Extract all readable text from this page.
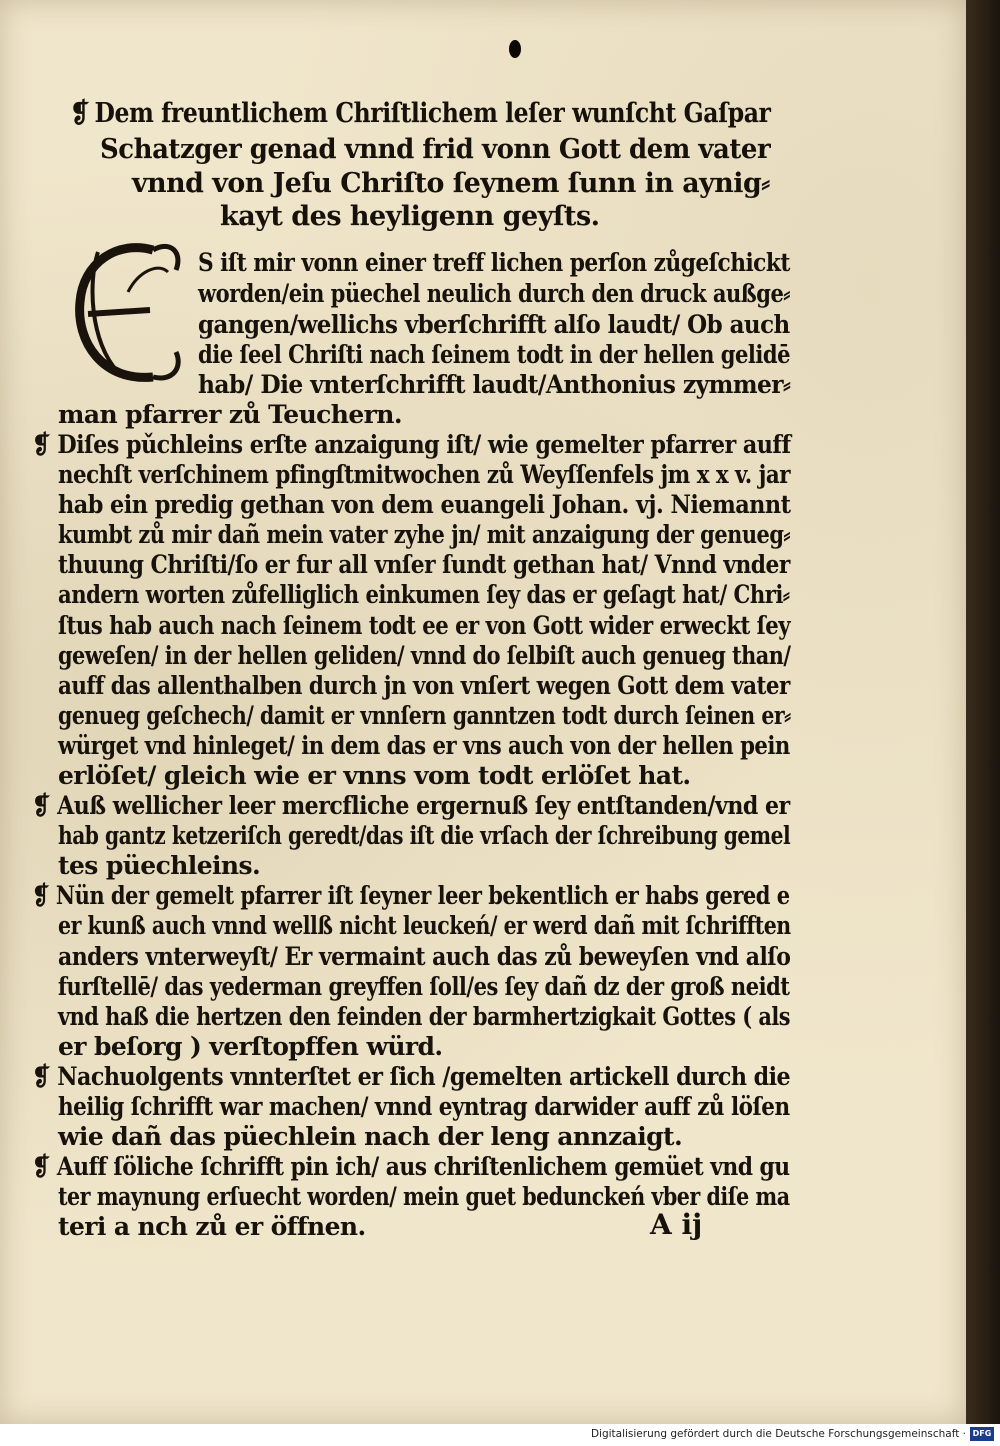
❡ Dem freuntlichem Chriſtlichem leſer wunſcht Gaſpar
Schatzger genad vnnd frid vonn Gott dem vater
vnnd von Jeſu Chriſto ſeynem ſunn in aynig⸗
kayt des heyligenn geyſts.
S iſt mir vonn einer treff lichen perſon zůgeſchickt
worden/ein püechel neulich durch den druck außge⸗
gangen/wellichs vberſchrifft alſo laudt/ Ob auch
die ſeel Chriſti nach ſeinem todt in der hellen gelidē
hab/ Die vnterſchrifft laudt/Anthonius zymmer⸗
man pfarrer zů Teuchern.
❡ Diſes pǔchleins erſte anzaigung iſt/ wie gemelter pfarrer auff
nechſt verſchinem pfingſtmitwochen zů Weyſſenfels jm x x v. jar
hab ein predig gethan von dem euangeli Johan. vj. Niemannt
kumbt zů mir dañ mein vater zyhe jn/ mit anzaigung der genueg⸗
thuung Chriſti/ſo er fur all vnſer ſundt gethan hat/ Vnnd vnder
andern worten zůfelliglich einkumen ſey das er geſagt hat/ Chri⸗
ſtus hab auch nach ſeinem todt ee er von Gott wider erweckt ſey
geweſen/ in der hellen geliden/ vnnd do ſelbiſt auch genueg than/
auff das allenthalben durch jn von vnſert wegen Gott dem vater
genueg geſchech/ damit er vnnſern ganntzen todt durch ſeinen er⸗
würget vnd hinleget/ in dem das er vns auch von der hellen pein
erlöſet/ gleich wie er vnns vom todt erlöſet hat.
❡ Auß wellicher leer mercfliche ergernuß ſey entſtanden/vnd er
hab gantz ketzeriſch geredt/das iſt die vrſach der ſchreibung gemel
tes püechleins.
❡ Nün der gemelt pfarrer iſt ſeyner leer bekentlich er habs gered e
er kunß auch vnnd wellß nicht leuckeń/ er werd dañ mit ſchrifften
anders vnterweyſt/ Er vermaint auch das zů beweyſen vnd alſo
furſtellē/ das yederman greyffen ſoll/es ſey dañ dz der groß neidt
vnd haß die hertzen den feinden der barmhertzigkait Gottes ( als
er beſorg ) verſtopffen würd.
❡ Nachuolgents vnnterſtet er ſich /gemelten artickell durch die
heilig ſchrifft war machen/ vnnd eyntrag darwider auff zů löſen
wie dañ das püechlein nach der leng annzaigt.
❡ Auff ſöliche ſchrifft pin ich/ aus chriſtenlichem gemüet vnd gu
ter maynung erſuecht worden/ mein guet bedunckeń vber diſe ma
teri a nch zů er öffnen.	A ij
Digitalisierung gefördert durch die Deutsche Forschungsgemeinschaft · DFG
